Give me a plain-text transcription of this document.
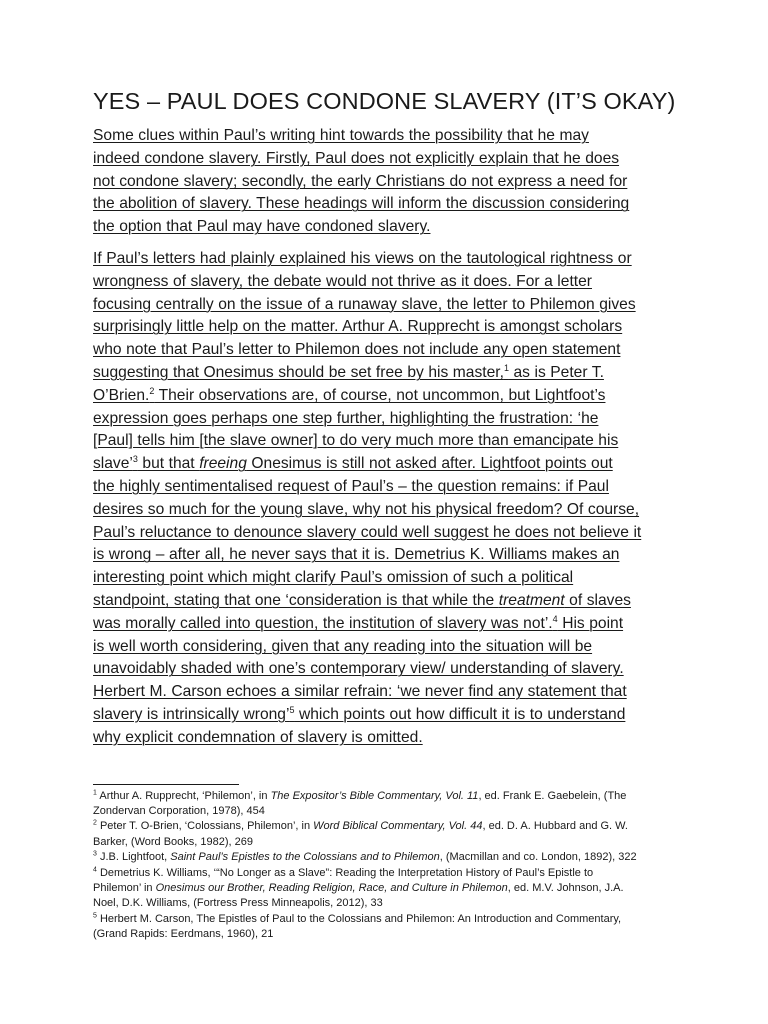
YES – PAUL DOES CONDONE SLAVERY (IT’S OKAY)

Some clues within Paul’s writing hint towards the possibility that he may
indeed condone slavery. Firstly, Paul does not explicitly explain that he does
not condone slavery; secondly, the early Christians do not express a need for
the abolition of slavery. These headings will inform the discussion considering
the option that Paul may have condoned slavery.

If Paul’s letters had plainly explained his views on the tautological rightness or
wrongness of slavery, the debate would not thrive as it does. For a letter
focusing centrally on the issue of a runaway slave, the letter to Philemon gives
surprisingly little help on the matter. Arthur A. Rupprecht is amongst scholars
who note that Paul’s letter to Philemon does not include any open statement
suggesting that Onesimus should be set free by his master,$^1$ as is Peter T.
O’Brien.$^2$ Their observations are, of course, not uncommon, but Lightfoot’s
expression goes perhaps one step further, highlighting the frustration: ‘he
[Paul] tells him [the slave owner] to do very much more than emancipate his
slave’$^3$ but that freeing Onesimus is still not asked after. Lightfoot points out
the highly sentimentalised request of Paul’s – the question remains: if Paul
desires so much for the young slave, why not his physical freedom? Of course,
Paul’s reluctance to denounce slavery could well suggest he does not believe it
is wrong – after all, he never says that it is. Demetrius K. Williams makes an
interesting point which might clarify Paul’s omission of such a political
standpoint, stating that one ‘consideration is that while the treatment of slaves
was morally called into question, the institution of slavery was not’.$^4$ His point
is well worth considering, given that any reading into the situation will be
unavoidably shaded with one’s contemporary view/ understanding of slavery.
Herbert M. Carson echoes a similar refrain: ‘we never find any statement that
slavery is intrinsically wrong’$^5$ which points out how difficult it is to understand
why explicit condemnation of slavery is omitted.

$^1$ Arthur A. Rupprecht, ‘Philemon’, in The Expositor’s Bible Commentary, Vol. 11, ed. Frank E. Gaebelein, (The
Zondervan Corporation, 1978), 454

$^2$ Peter T. O-Brien, ‘Colossians, Philemon’, in Word Biblical Commentary, Vol. 44, ed. D. A. Hubbard and G. W.
Barker, (Word Books, 1982), 269

$^3$ J.B. Lightfoot, Saint Paul’s Epistles to the Colossians and to Philemon, (Macmillan and co. London, 1892), 322

$^4$ Demetrius K. Williams, ‘“No Longer as a Slave”: Reading the Interpretation History of Paul’s Epistle to
Philemon’ in Onesimus our Brother, Reading Religion, Race, and Culture in Philemon, ed. M.V. Johnson, J.A.
Noel, D.K. Williams, (Fortress Press Minneapolis, 2012), 33

$^5$ Herbert M. Carson, The Epistles of Paul to the Colossians and Philemon: An Introduction and Commentary,
(Grand Rapids: Eerdmans, 1960), 21
